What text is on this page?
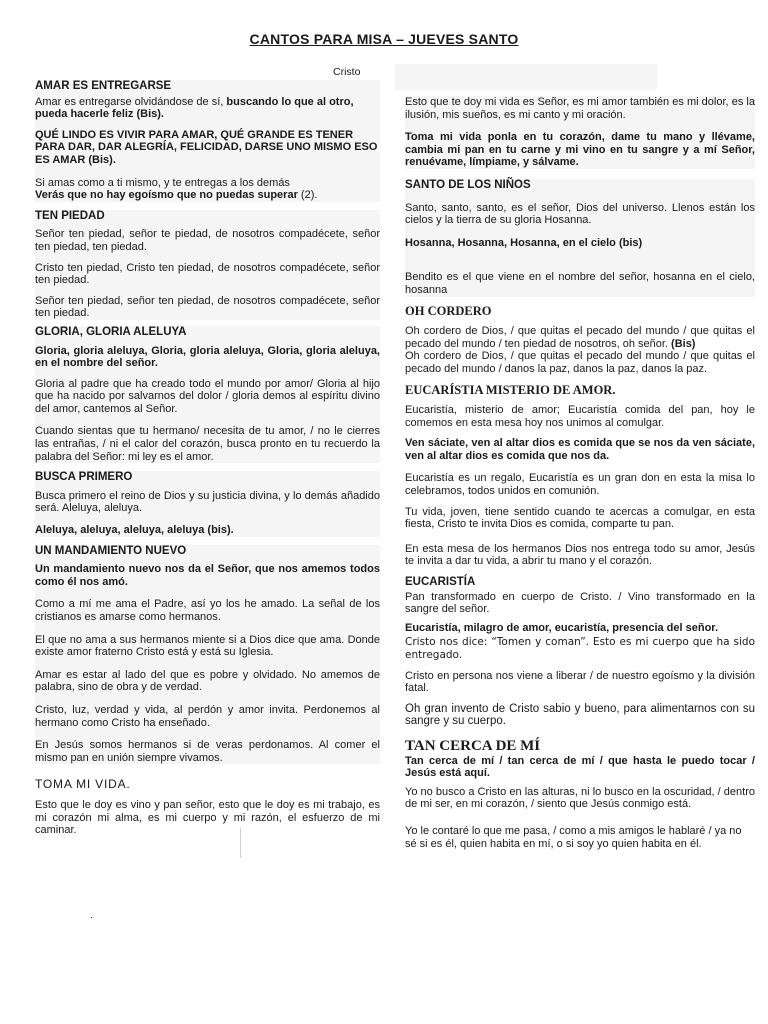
CANTOS PARA MISA – JUEVES SANTO
Cristo
AMAR ES ENTREGARSE
Amar es entregarse olvidándose de sí, buscando lo que al otro, pueda hacerle feliz (Bis).
QUÉ LINDO ES VIVIR PARA AMAR, QUÉ GRANDE ES TENER PARA DAR, DAR ALEGRÍA, FELICIDAD, DARSE UNO MISMO ESO ES AMAR (Bis).
Si amas como a ti mismo, y te entregas a los demás
Verás que no hay egoísmo que no puedas superar (2).
TEN PIEDAD
Señor ten piedad, señor te piedad, de nosotros compadécete, señor ten piedad, ten piedad.
Cristo ten piedad, Cristo ten piedad, de nosotros compadécete, señor ten piedad.
Señor ten piedad, señor ten piedad, de nosotros compadécete, señor ten piedad.
GLORIA, GLORIA ALELUYA
Gloria, gloria aleluya, Gloria, gloria aleluya, Gloria, gloria aleluya, en el nombre del señor.
Gloria al padre que ha creado todo el mundo por amor/ Gloria al hijo que ha nacido por salvarnos del dolor / gloria demos al espíritu divino del amor, cantemos al Señor.
Cuando sientas que tu hermano/ necesita de tu amor, / no le cierres las entrañas, / ni el calor del corazón, busca pronto en tu recuerdo la palabra del Señor: mi ley es el amor.
BUSCA PRIMERO
Busca primero el reino de Dios y su justicia divina, y lo demás añadido será. Aleluya, aleluya.
Aleluya, aleluya, aleluya, aleluya (bis).
UN MANDAMIENTO NUEVO
Un mandamiento nuevo nos da el Señor, que nos amemos todos como él nos amó.
Como a mí me ama el Padre, así yo los he amado. La señal de los cristianos es amarse como hermanos.
El que no ama a sus hermanos miente si a Dios dice que ama. Donde existe amor fraterno Cristo está y está su Iglesia.
Amar es estar al lado del que es pobre y olvidado. No amemos de palabra, sino de obra y de verdad.
Cristo, luz, verdad y vida, al perdón y amor invita. Perdonemos al hermano como Cristo ha enseñado.
En Jesús somos hermanos si de veras perdonamos. Al comer el mismo pan en unión siempre vivamos.
TOMA MI VIDA.
Esto que le doy es vino y pan señor, esto que le doy es mi trabajo, es mi corazón mi alma, es mi cuerpo y mi razón, el esfuerzo de mi caminar.
.
Esto que te doy mi vida es Señor, es mi amor también es mi dolor, es la ilusión, mis sueños, es mi canto y mi oración.
Toma mi vida ponla en tu corazón, dame tu mano y llévame, cambia mi pan en tu carne y mi vino en tu sangre y a mí Señor, renuévame, límpiame, y sálvame.
SANTO DE LOS NIÑOS
Santo, santo, santo, es el señor, Dios del universo. Llenos están los cielos y la tierra de su gloria Hosanna.
Hosanna, Hosanna, Hosanna, en el cielo (bis)
Bendito es el que viene en el nombre del señor, hosanna en el cielo, hosanna
OH CORDERO
Oh cordero de Dios, / que quitas el pecado del mundo / que quitas el pecado del mundo / ten piedad de nosotros, oh señor. (Bis)
Oh cordero de Dios, / que quitas el pecado del mundo / que quitas el pecado del mundo / danos la paz, danos la paz, danos la paz.
EUCARÍSTIA MISTERIO DE AMOR.
Eucaristía, misterio de amor; Eucaristía comida del pan, hoy le comemos en esta mesa hoy nos unimos al comulgar.
Ven sáciate, ven al altar dios es comida que se nos da ven sáciate, ven al altar dios es comida que nos da.
Eucaristía es un regalo, Eucaristía es un gran don en esta la misa lo celebramos, todos unidos en comunión.
Tu vida, joven, tiene sentido cuando te acercas a comulgar, en esta fiesta, Cristo te invita Dios es comida, comparte tu pan.
En esta mesa de los hermanos Dios nos entrega todo su amor, Jesús te invita a dar tu vida, a abrir tu mano y el corazón.
EUCARISTÍA
Pan transformado en cuerpo de Cristo. / Vino transformado en la sangre del señor.
Eucaristía, milagro de amor, eucaristía, presencia del señor.
Cristo nos dice: “Tomen y coman”. Esto es mi cuerpo que ha sido entregado.
Cristo en persona nos viene a liberar / de nuestro egoísmo y la división fatal.
Oh gran invento de Cristo sabio y bueno, para alimentarnos con su sangre y su cuerpo.
TAN CERCA DE MÍ
Tan cerca de mí / tan cerca de mí / que hasta le puedo tocar / Jesús está aquí.
Yo no busco a Cristo en las alturas, ni lo busco en la oscuridad, / dentro de mi ser, en mi corazón, / siento que Jesús conmigo está.
Yo le contaré lo que me pasa, / como a mis amigos le hablaré / ya no sé si es él, quien habita en mí, o si soy yo quien habita en él.
